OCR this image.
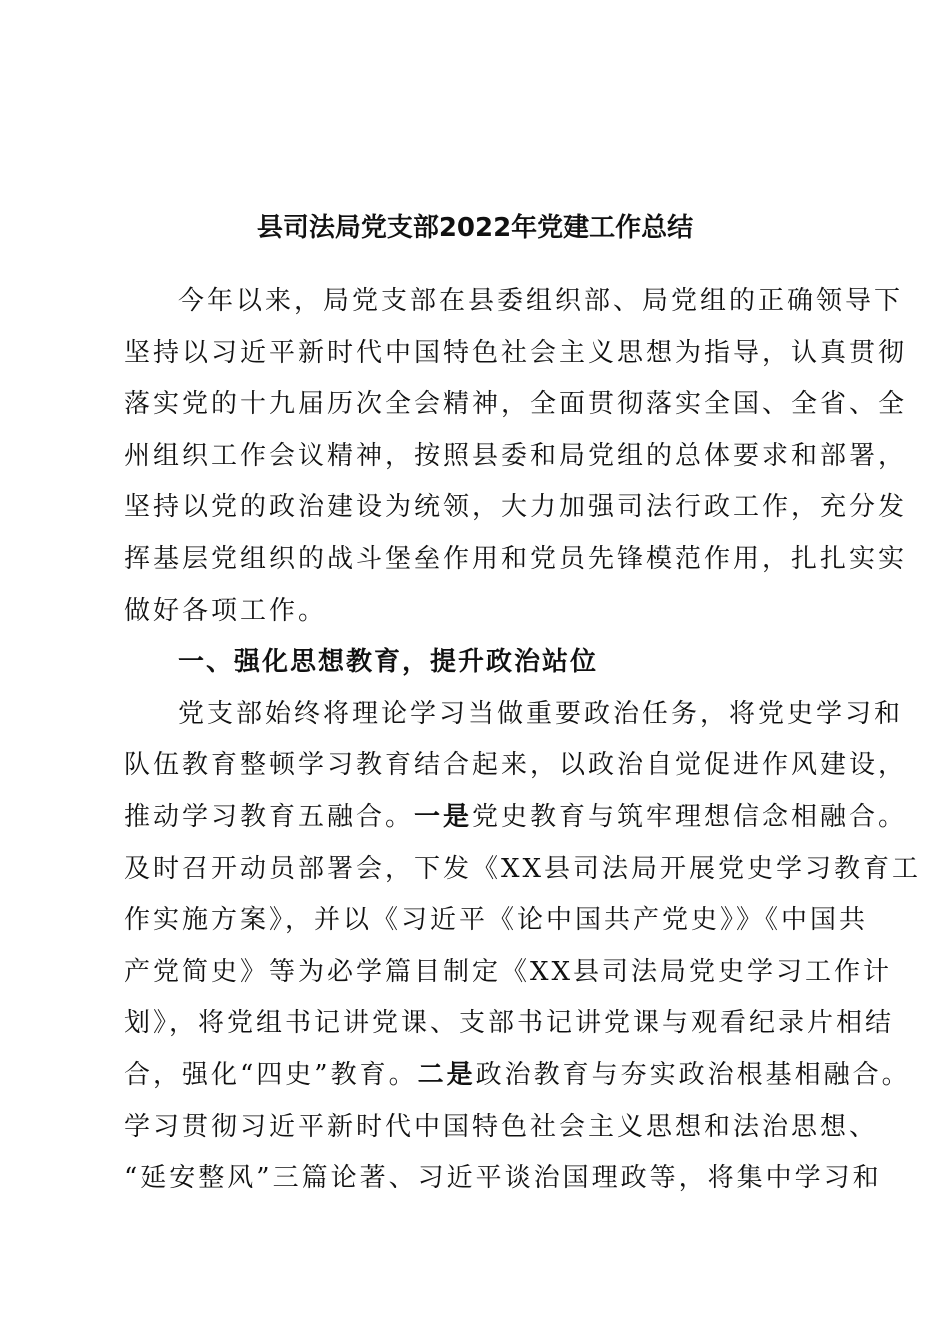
县司法局党支部2022年党建工作总结
今年以来，局党支部在县委组织部、局党组的正确领导下
坚持以习近平新时代中国特色社会主义思想为指导，认真贯彻
落实党的十九届历次全会精神，全面贯彻落实全国、全省、全
州组织工作会议精神，按照县委和局党组的总体要求和部署，
坚持以党的政治建设为统领，大力加强司法行政工作，充分发
挥基层党组织的战斗堡垒作用和党员先锋模范作用，扎扎实实
做好各项工作。
一、强化思想教育，提升政治站位
党支部始终将理论学习当做重要政治任务，将党史学习和
队伍教育整顿学习教育结合起来，以政治自觉促进作风建设，
推动学习教育五融合。一是党史教育与筑牢理想信念相融合。
及时召开动员部署会，下发《XX县司法局开展党史学习教育工
作实施方案》，并以《习近平《论中国共产党史》》《中国共
产党简史》等为必学篇目制定《XX县司法局党史学习工作计
划》，将党组书记讲党课、支部书记讲党课与观看纪录片相结
合，强化“四史”教育。二是政治教育与夯实政治根基相融合。
学习贯彻习近平新时代中国特色社会主义思想和法治思想、
“延安整风”三篇论著、习近平谈治国理政等，将集中学习和
